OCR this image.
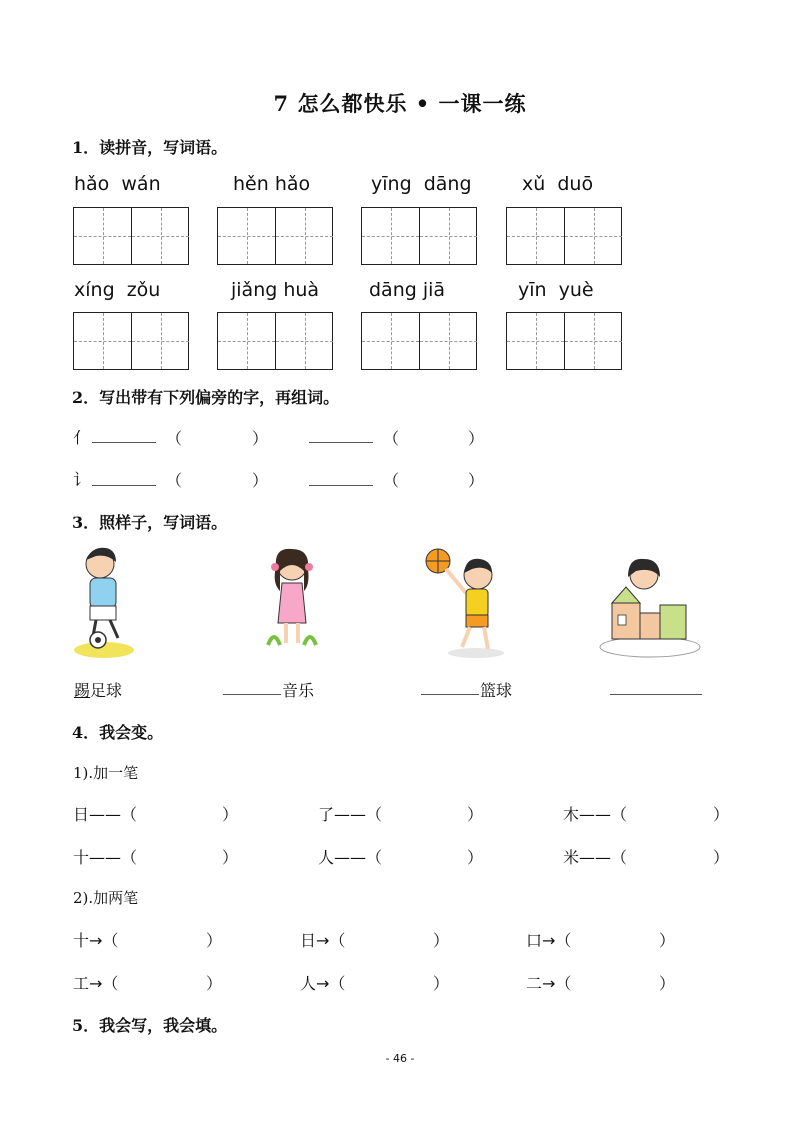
7 怎么都快乐 • 一课一练
1．读拼音，写词语。
hǎo  wán	hěn hǎo	yīng  dāng	xǔ  duō
xíng  zǒu	jiǎng huà	dāng jiā	yīn  yuè
2．写出带有下列偏旁的字，再组词。
亻	（	）	（	）
讠	（	）	（	）
3．照样子，写词语。
踢足球	音乐	篮球
4．我会变。
1).加一笔
日——（	）	了——（	）	木——（	）
十——（	）	人——（	）	米——（	）
2).加两笔
十→（	）	日→（	）	口→（	）
工→（	）	人→（	）	二→（	）
5．我会写，我会填。
- 46 -
